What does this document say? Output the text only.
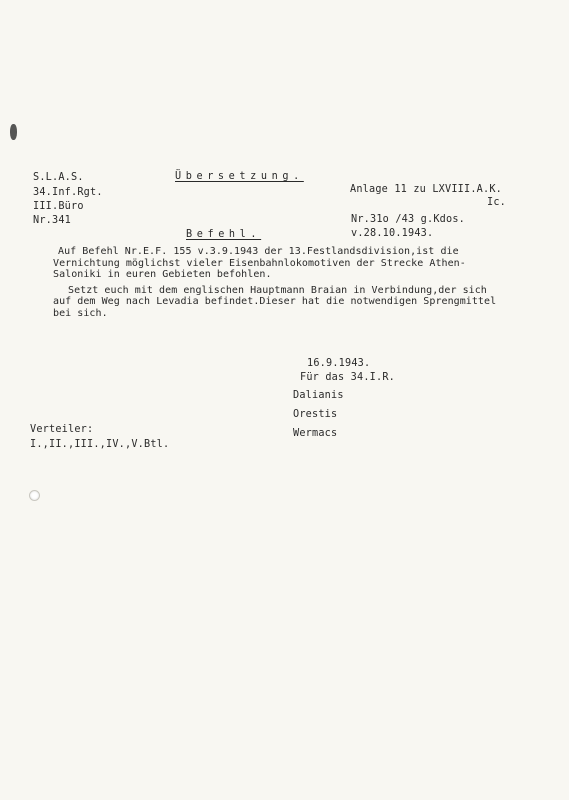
S.L.A.S.
34.Inf.Rgt.
III.Büro
Nr.341
Übersetzung.
Befehl.
Anlage 11 zu LXVIII.A.K.
Ic.
Nr.31o /43 g.Kdos.
v.28.10.1943.
Auf Befehl Nr.E.F. 155 v.3.9.1943 der 13.Festlandsdivision,ist die
Vernichtung möglichst vieler Eisenbahnlokomotiven der Strecke Athen-
Saloniki in euren Gebieten befohlen.
Setzt euch mit dem englischen Hauptmann Braian in Verbindung,der sich
auf dem Weg nach Levadia befindet.Dieser hat die notwendigen Sprengmittel
bei sich.
16.9.1943.
Für das 34.I.R.
Dalianis
Orestis
Wermacs
Verteiler:
I.,II.,III.,IV.,V.Btl.
